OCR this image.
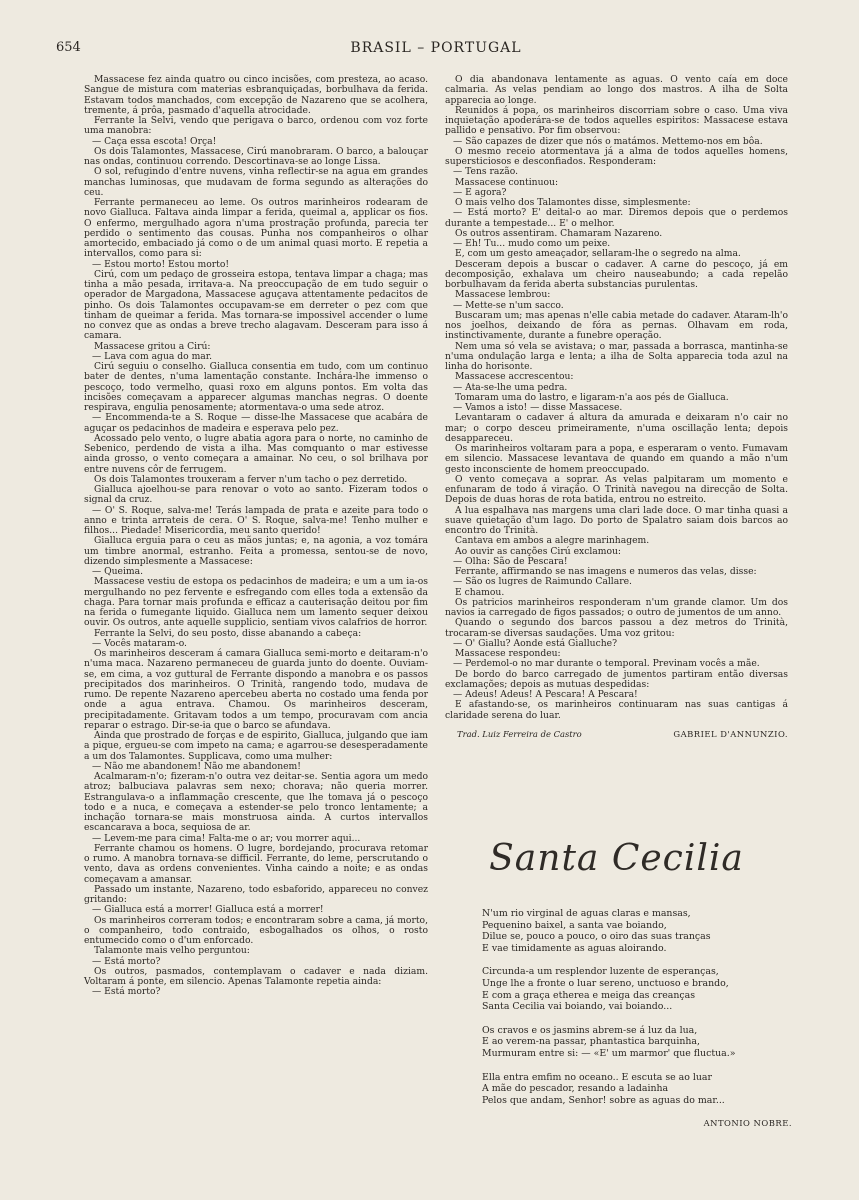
654	BRASIL – PORTUGAL

Massacese fez ainda quatro ou cinco incisões, com presteza, ao acaso. Sangue de mistura com materias esbranquiçadas, borbulhava da ferida. Estavam todos manchados, com excepção de Nazareno que se acolhera, tremente, á prôa, pasmado d'aquella atrocidade.

Ferrante la Selvi, vendo que perigava o barco, ordenou com voz forte uma manobra:

— Caça essa escota! Orça!

Os dois Talamontes, Massacese, Cirú manobraram. O barco, a balouçar nas ondas, continuou correndo. Descortinava-se ao longe Lissa.

O sol, refugindo d'entre nuvens, vinha reflectir-se na agua em grandes manchas luminosas, que mudavam de forma segundo as alterações do ceu.

Ferrante permaneceu ao leme. Os outros marinheiros rodearam de novo Gialluca. Faltava ainda limpar a ferida, queimal a, applicar os fios. O enfermo, mergulhado agora n'uma prostração profunda, parecia ter perdido o sentimento das cousas. Punha nos companheiros o olhar amortecido, embaciado já como o de um animal quasi morto. E repetia a intervallos, como para si:

— Estou morto! Estou morto!

Cirú, com um pedaço de grosseira estopa, tentava limpar a chaga; mas tinha a mão pesada, irritava-a. Na preoccupação de em tudo seguir o operador de Margadona, Massacese aguçava attentamente pedacitos de pinho. Os dois Talamontes occupavam-se em derreter o pez com que tinham de queimar a ferida. Mas tornara-se impossivel accender o lume no convez que as ondas a breve trecho alagavam. Desceram para isso á camara.

Massacese gritou a Cirú:

— Lava com agua do mar.

Cirú seguiu o conselho. Gialluca consentia em tudo, com um continuo bater de dentes, n'uma lamentação constante. Inchára-lhe immenso o pescoço, todo vermelho, quasi roxo em alguns pontos. Em volta das incisões começavam a apparecer algumas manchas negras. O doente respirava, engulia penosamente; atormentava-o uma sede atroz.

— Encommenda-te a S. Roque — disse-lhe Massacese que acabára de aguçar os pedacinhos de madeira e esperava pelo pez.

Acossado pelo vento, o lugre abatia agora para o norte, no caminho de Sebenico, perdendo de vista a ilha. Mas comquanto o mar estivesse ainda grosso, o vento começara a amainar. No ceu, o sol brilhava por entre nuvens côr de ferrugem.

Os dois Talamontes trouxeram a ferver n'um tacho o pez derretido.

Gialluca ajoelhou-se para renovar o voto ao santo. Fizeram todos o signal da cruz.

— O' S. Roque, salva-me! Terás lampada de prata e azeite para todo o anno e trinta arrateis de cera. O' S. Roque, salva-me! Tenho mulher e filhos... Piedade! Misericordia, meu santo querido!

Gialluca erguia para o ceu as mãos juntas; e, na agonia, a voz tomára um timbre anormal, estranho. Feita a promessa, sentou-se de novo, dizendo simplesmente a Massacese:

— Queima.

Massacese vestiu de estopa os pedacinhos de madeira; e um a um ia-os mergulhando no pez fervente e esfregando com elles toda a extensão da chaga. Para tornar mais profunda e efficaz a cauterisação deitou por fim na ferida o fumegante liquido. Gialluca nem um lamento sequer deixou ouvir. Os outros, ante aquelle supplicio, sentiam vivos calafrios de horror.

Ferrante la Selvi, do seu posto, disse abanando a cabeça:

— Vocês mataram-o.

Os marinheiros desceram á camara Gialluca semi-morto e deitaram-n'o n'uma maca. Nazareno permaneceu de guarda junto do doente. Ouviam-se, em cima, a voz guttural de Ferrante dispondo a manobra e os passos precipitados dos marinheiros. O Trinità, rangendo todo, mudava de rumo. De repente Nazareno apercebeu aberta no costado uma fenda por onde a agua entrava. Chamou. Os marinheiros desceram, precipitadamente. Gritavam todos a um tempo, procuravam com ancia reparar o estrago. Dir-se-ia que o barco se afundava.

Ainda que prostrado de forças e de espirito, Gialluca, julgando que iam a pique, ergueu-se com impeto na cama; e agarrou-se desesperadamente a um dos Talamontes. Supplicava, como uma mulher:

— Não me abandonem! Não me abandonem!

Acalmaram-n'o; fizeram-n'o outra vez deitar-se. Sentia agora um medo atroz; balbuciava palavras sem nexo; chorava; não queria morrer. Estrangulava-o a inflammação crescente, que lhe tomava já o pescoço todo e a nuca, e começava a estender-se pelo tronco lentamente; a inchação tornara-se mais monstruosa ainda. A curtos intervallos escancarava a boca, sequiosa de ar.

— Levem-me para cima! Falta-me o ar; vou morrer aqui...

Ferrante chamou os homens. O lugre, bordejando, procurava retomar o rumo. A manobra tornava-se difficil. Ferrante, do leme, perscrutando o vento, dava as ordens convenientes. Vinha caindo a noite; e as ondas começavam a amansar.

Passado um instante, Nazareno, todo esbaforido, appareceu no convez gritando:

— Gialluca está a morrer! Gialluca está a morrer!

Os marinheiros correram todos; e encontraram sobre a cama, já morto, o companheiro, todo contraido, esbogalhados os olhos, o rosto entumecido como o d'um enforcado.

Talamonte mais velho perguntou:

— Está morto?

Os outros, pasmados, contemplavam o cadaver e nada diziam. Voltaram á ponte, em silencio. Apenas Talamonte repetia ainda:

— Está morto?

O dia abandonava lentamente as aguas. O vento caía em doce calmaria. As velas pendiam ao longo dos mastros. A ilha de Solta apparecia ao longe.

Reunidos á popa, os marinheiros discorriam sobre o caso. Uma viva inquietação apoderára-se de todos aquelles espiritos: Massacese estava pallido e pensativo. Por fim observou:

— São capazes de dizer que nós o matámos. Mettemo-nos em bôa.

O mesmo receio atormentava já a alma de todos aquelles homens, supersticiosos e desconfiados. Responderam:

— Tens razão.

Massacese continuou:

— E agora?

O mais velho dos Talamontes disse, simplesmente:

— Está morto? E' deital-o ao mar. Diremos depois que o perdemos durante a tempestade... E' o melhor.

Os outros assentiram. Chamaram Nazareno.

— Eh! Tu... mudo como um peixe.

E, com um gesto ameaçador, sellaram-lhe o segredo na alma.

Desceram depois a buscar o cadaver. A carne do pescoço, já em decomposição, exhalava um cheiro nauseabundo; a cada repelão borbulhavam da ferida aberta substancias purulentas.

Massacese lembrou:

— Mette-se n'um sacco.

Buscaram um; mas apenas n'elle cabia metade do cadaver. Ataram-lh'o nos joelhos, deixando de fóra as pernas. Olhavam em roda, instinctivamente, durante a funebre operação.

Nem uma só vela se avistava; o mar, passada a borrasca, mantinha-se n'uma ondulação larga e lenta; a ilha de Solta apparecia toda azul na linha do horisonte.

Massacese accrescentou:

— Ata-se-lhe uma pedra.

Tomaram uma do lastro, e ligaram-n'a aos pés de Gialluca.

— Vamos a isto! — disse Massacese.

Levantaram o cadaver á altura da amurada e deixaram n'o cair no mar; o corpo desceu primeiramente, n'uma oscillação lenta; depois desappareceu.

Os marinheiros voltaram para a popa, e esperaram o vento. Fumavam em silencio. Massacese levantava de quando em quando a mão n'um gesto inconsciente de homem preoccupado.

O vento começava a soprar. As velas palpitaram um momento e enfunaram de todo á viração. O Trinità navegou na direcção de Solta. Depois de duas horas de rota batida, entrou no estreito.

A lua espalhava nas margens uma clari lade doce. O mar tinha quasi a suave quietação d'um lago. Do porto de Spalatro saiam dois barcos ao encontro do Trinità.

Cantava em ambos a alegre marinhagem.

Ao ouvir as canções Cirú exclamou:

— Olha: São de Pescara!

Ferrante, affirmando se nas imagens e numeros das velas, disse:

— São os lugres de Raimundo Callare.

E chamou.

Os patricios marinheiros responderam n'um grande clamor. Um dos navios ia carregado de figos passados; o outro de jumentos de um anno.

Quando o segundo dos barcos passou a dez metros do Trinità, trocaram-se diversas saudações. Uma voz gritou:

— O' Giallu? Aonde está Gialluche?

Massacese respondeu:

— Perdemol-o no mar durante o temporal. Previnam vocês a mãe.

De bordo do barco carregado de jumentos partiram então diversas exclamações; depois as mutuas despedidas:

— Adeus! Adeus! A Pescara! A Pescara!

E afastando-se, os marinheiros continuaram nas suas cantigas á claridade serena do luar.

Trad. Luiz Ferreira de Castro	GABRIEL D'ANNUNZIO.
Santa Cecilia
N'um rio virginal de aguas claras e mansas,
Pequenino baixel, a santa vae boiando,
Dilue se, pouco a pouco, o oiro das suas tranças
E vae timidamente as aguas aloirando.
Circunda-a um resplendor luzente de esperanças,
Unge lhe a fronte o luar sereno, unctuoso e brando,
E com a graça etherea e meiga das creanças
Santa Cecilia vai boiando, vai boiando...
Os cravos e os jasmins abrem-se á luz da lua,
E ao verem-na passar, phantastica barquinha,
Murmuram entre si: — «E' um marmor' que fluctua.»
Ella entra emfim no oceano.. E escuta se ao luar
A mãe do pescador, resando a ladainha
Pelos que andam, Senhor! sobre as aguas do mar...
ANTONIO NOBRE.
